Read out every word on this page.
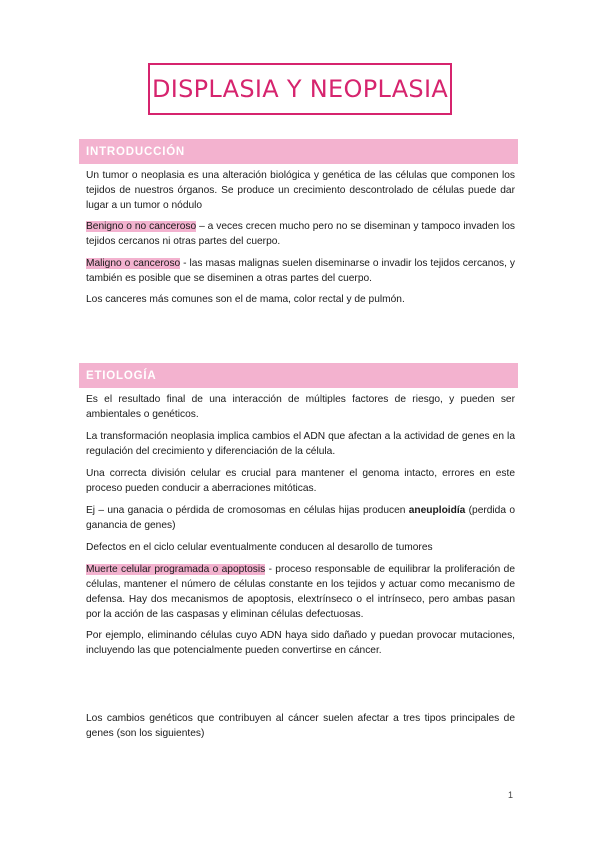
DISPLASIA Y NEOPLASIA
INTRODUCCIÓN

Un tumor o neoplasia es una alteración biológica y genética de las células que componen los tejidos de nuestros órganos. Se produce un crecimiento descontrolado de células puede dar lugar a un tumor o nódulo

Benigno o no canceroso – a veces crecen mucho pero no se diseminan y tampoco invaden los tejidos cercanos ni otras partes del cuerpo.

Maligno o canceroso - las masas malignas suelen diseminarse o invadir los tejidos cercanos, y también es posible que se diseminen a otras partes del cuerpo.

Los canceres más comunes son el de mama, color rectal y de pulmón.

ETIOLOGÍA

Es el resultado final de una interacción de múltiples factores de riesgo, y pueden ser ambientales o genéticos.

La transformación neoplasia implica cambios el ADN que afectan a la actividad de genes en la regulación del crecimiento y diferenciación de la célula.

Una correcta división celular es crucial para mantener el genoma intacto, errores en este proceso pueden conducir a aberraciones mitóticas.

Ej – una ganacia o pérdida de cromosomas en células hijas producen aneuploidía (perdida o ganancia de genes)

Defectos en el ciclo celular eventualmente conducen al desarollo de tumores

Muerte celular programada o apoptosis - proceso responsable de equilibrar la proliferación de células, mantener el número de células constante en los tejidos y actuar como mecanismo de defensa. Hay dos mecanismos de apoptosis, elextrínseco o el intrínseco, pero ambas pasan por la acción de las caspasas y eliminan células defectuosas.

Por ejemplo, eliminando células cuyo ADN haya sido dañado y puedan provocar mutaciones, incluyendo las que potencialmente pueden convertirse en cáncer.

Los cambios genéticos que contribuyen al cáncer suelen afectar a tres tipos principales de genes (son los siguientes)

1
